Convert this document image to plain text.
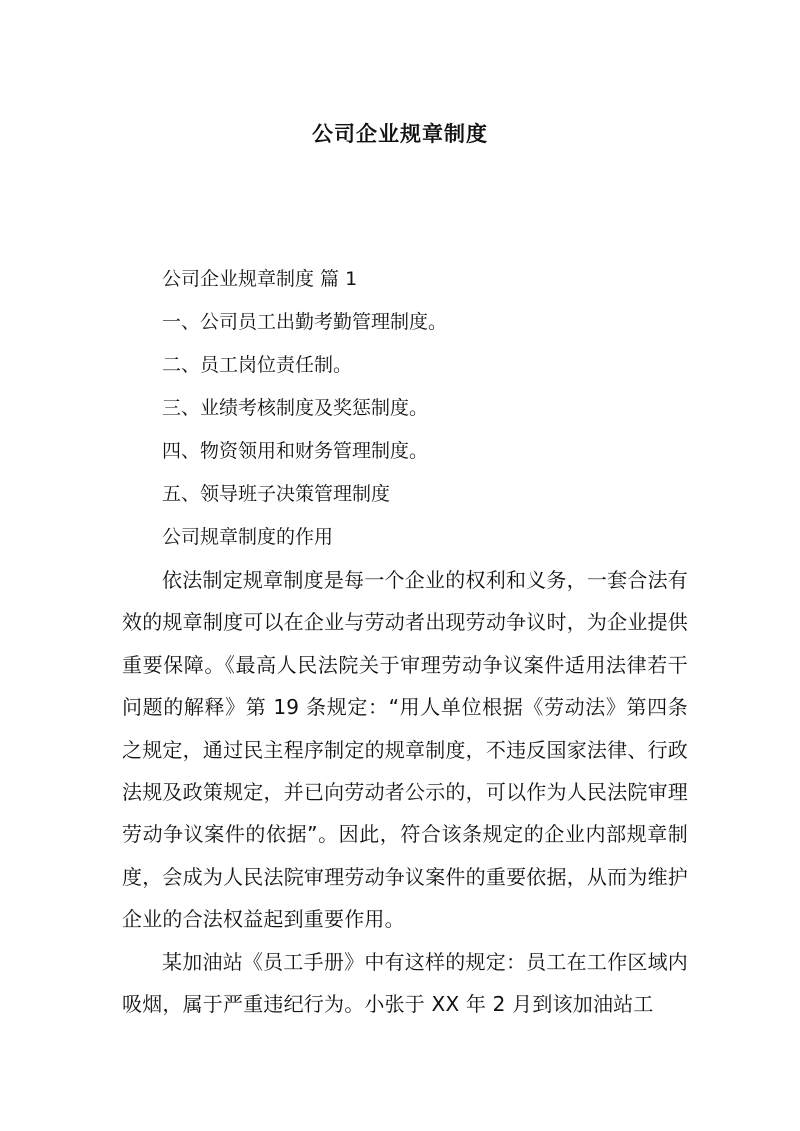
公司企业规章制度
公司企业规章制度 篇 1
一、公司员工出勤考勤管理制度。
二、员工岗位责任制。
三、业绩考核制度及奖惩制度。
四、物资领用和财务管理制度。
五、领导班子决策管理制度
公司规章制度的作用

依法制定规章制度是每一个企业的权利和义务，一套合法有效的规章制度可以在企业与劳动者出现劳动争议时，为企业提供重要保障。《最高人民法院关于审理劳动争议案件适用法律若干问题的解释》第 19 条规定：“用人单位根据《劳动法》第四条之规定，通过民主程序制定的规章制度，不违反国家法律、行政法规及政策规定，并已向劳动者公示的，可以作为人民法院审理劳动争议案件的依据”。因此，符合该条规定的企业内部规章制度，会成为人民法院审理劳动争议案件的重要依据，从而为维护企业的合法权益起到重要作用。

某加油站《员工手册》中有这样的规定：员工在工作区域内吸烟，属于严重违纪行为。小张于 XX 年 2 月到该加油站工
